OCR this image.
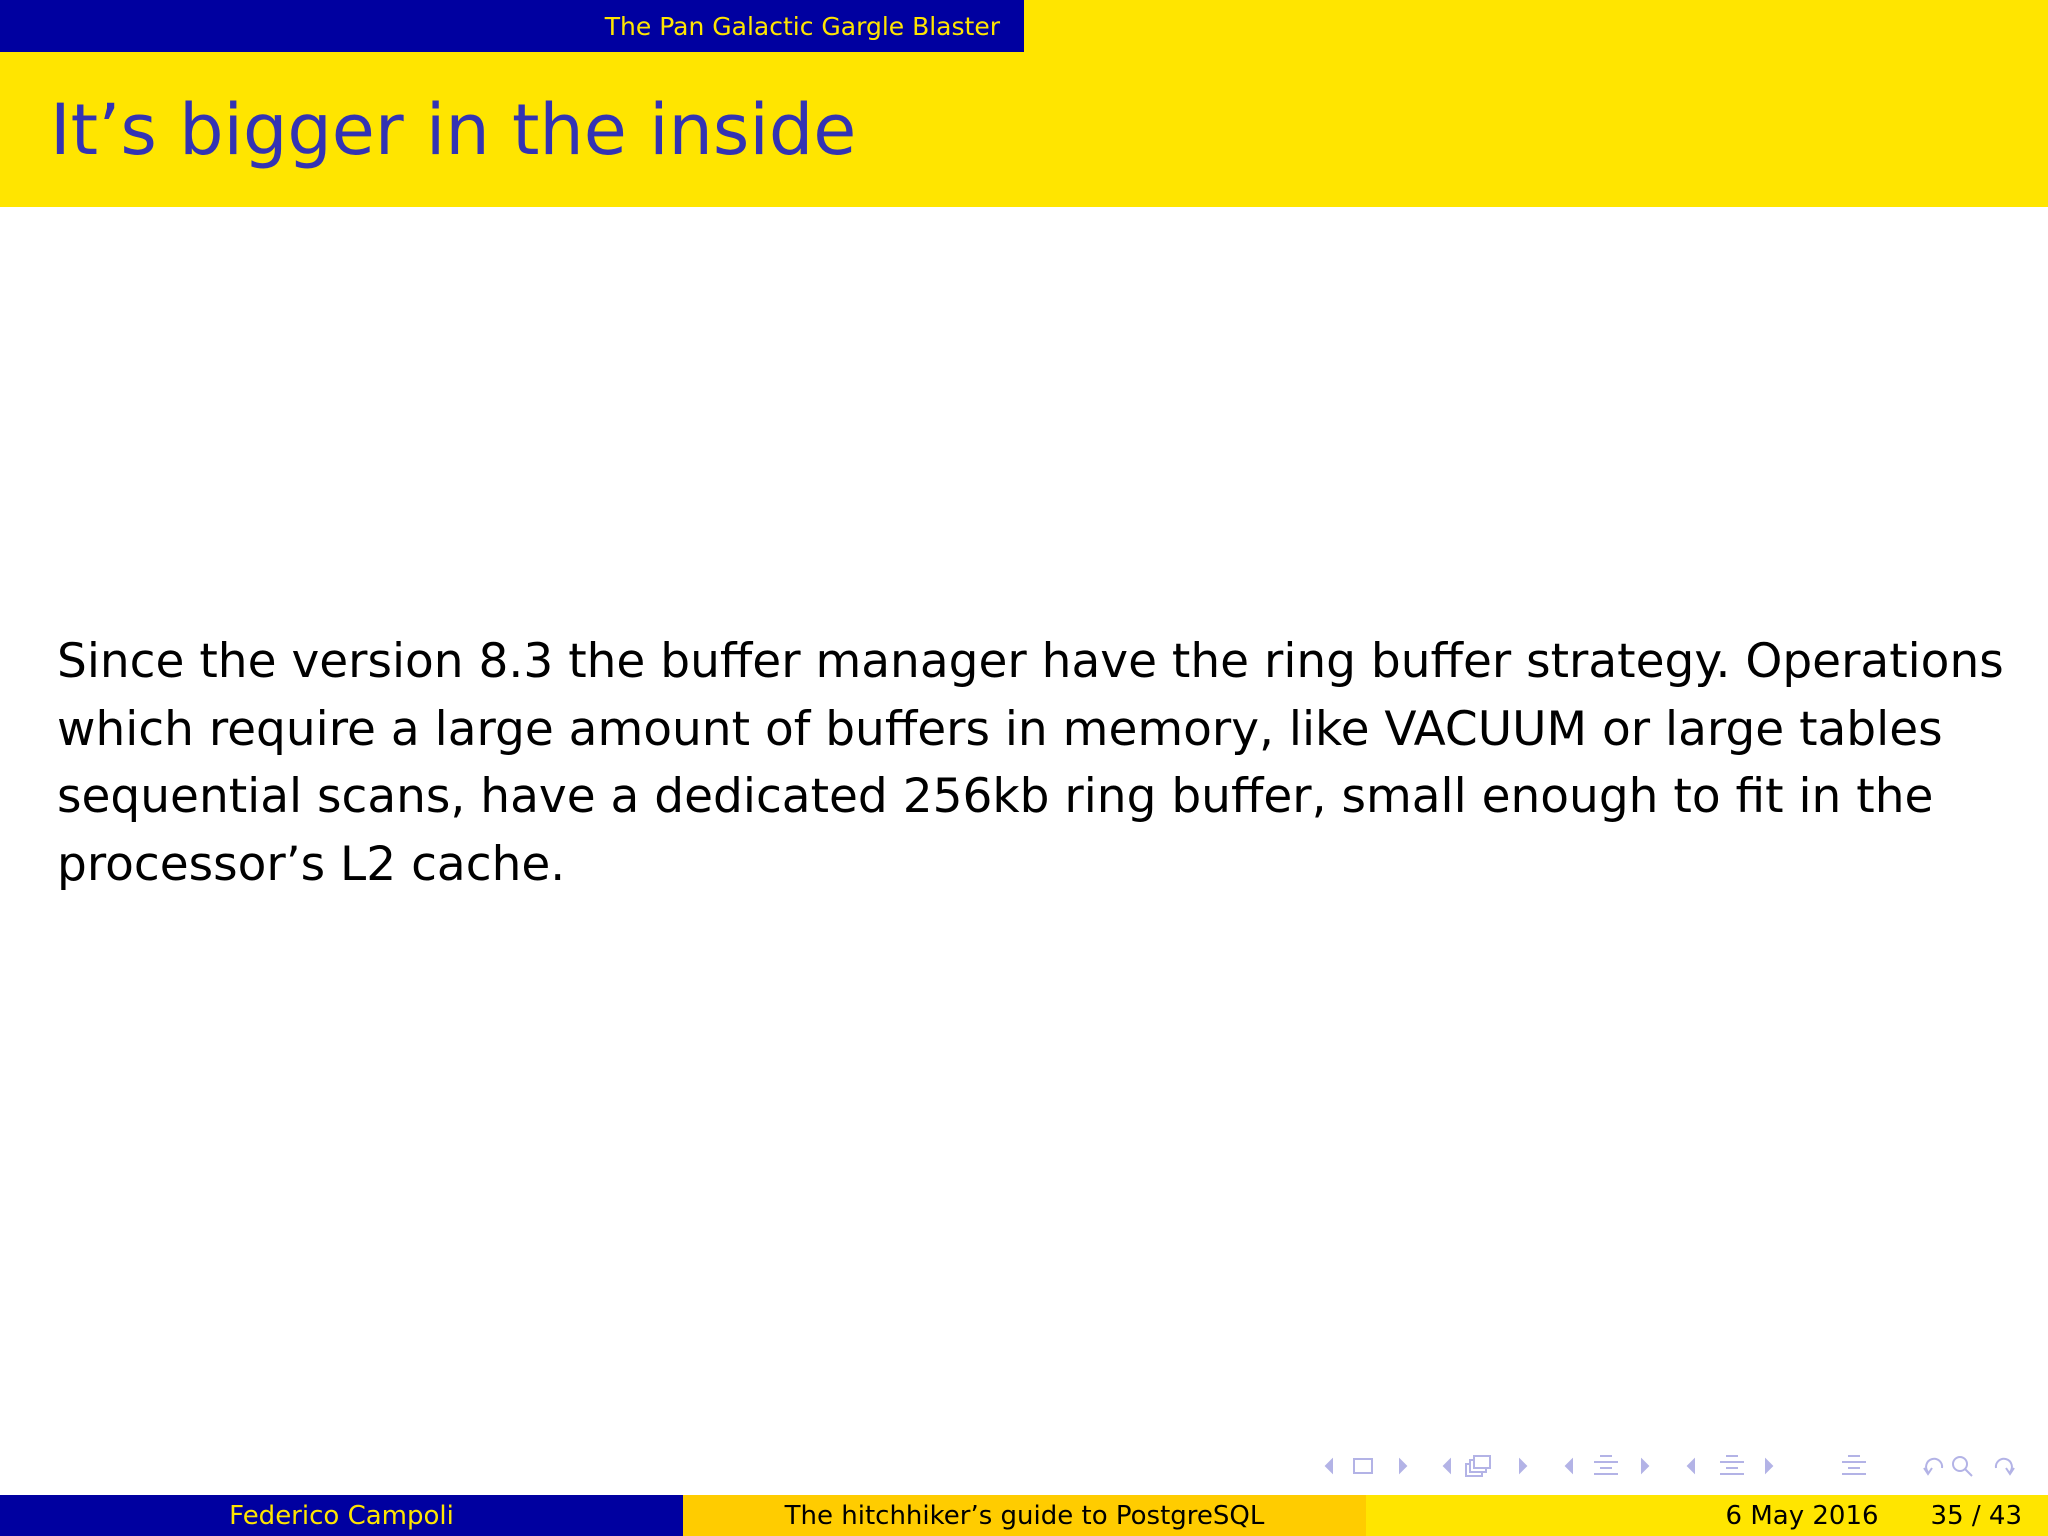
The Pan Galactic Gargle Blaster
It’s bigger in the inside

Since the version 8.3 the buffer manager have the ring buffer strategy. Operations which require a large amount of buffers in memory, like VACUUM or large tables sequential scans, have a dedicated 256kb ring buffer, small enough to fit in the processor’s L2 cache.

Federico Campoli	The hitchhiker’s guide to PostgreSQL	6 May 2016 35 / 43
